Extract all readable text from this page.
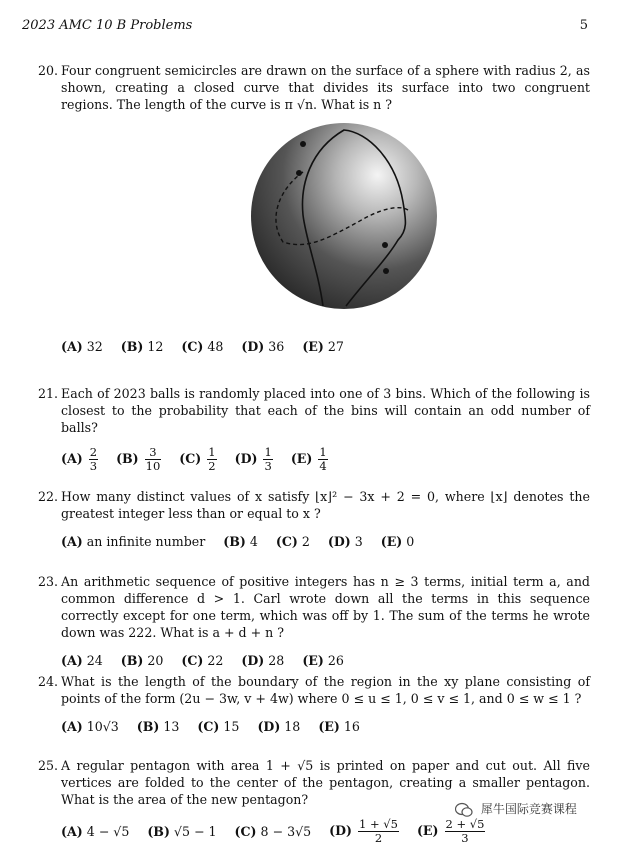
2023 AMC 10 B Problems	5
20. Four congruent semicircles are drawn on the surface of a sphere with radius 2, as shown, creating a closed curve that divides its surface into two congruent regions. The length of the curve is π √n. What is n ?
(A) 32 (B) 12 (C) 48 (D) 36 (E) 27
21. Each of 2023 balls is randomly placed into one of 3 bins. Which of the following is closest to the probability that each of the bins will contain an odd number of balls?
$(A) \frac{2}{3} (B) \frac{3}{10} (C) \frac{1}{2} (D) \frac{1}{3} (E) \frac{1}{4}$
22. How many distinct values of x satisfy ⌊x⌋² − 3x + 2 = 0, where ⌊x⌋ denotes the greatest integer less than or equal to x ?
(A) an infinite number (B) 4 (C) 2 (D) 3 (E) 0
23. An arithmetic sequence of positive integers has n ≥ 3 terms, initial term a, and common difference d > 1. Carl wrote down all the terms in this sequence correctly except for one term, which was off by 1. The sum of the terms he wrote down was 222. What is a + d + n ?
(A) 24 (B) 20 (C) 22 (D) 28 (E) 26
24. What is the length of the boundary of the region in the xy plane consisting of points of the form (2u − 3w, v + 4w) where 0 ≤ u ≤ 1, 0 ≤ v ≤ 1, and 0 ≤ w ≤ 1 ?
(A) 10√3 (B) 13 (C) 15 (D) 18 (E) 16
25. A regular pentagon with area 1 + √5 is printed on paper and cut out. All five vertices are folded to the center of the pentagon, creating a smaller pentagon. What is the area of the new pentagon?
(A) 4 − √5 (B) √5 − 1 (C) 8 − 3√5 $(D) \frac{1 + √5}{2} (E) \frac{2 + √5}{3}$
犀牛国际竞赛课程
